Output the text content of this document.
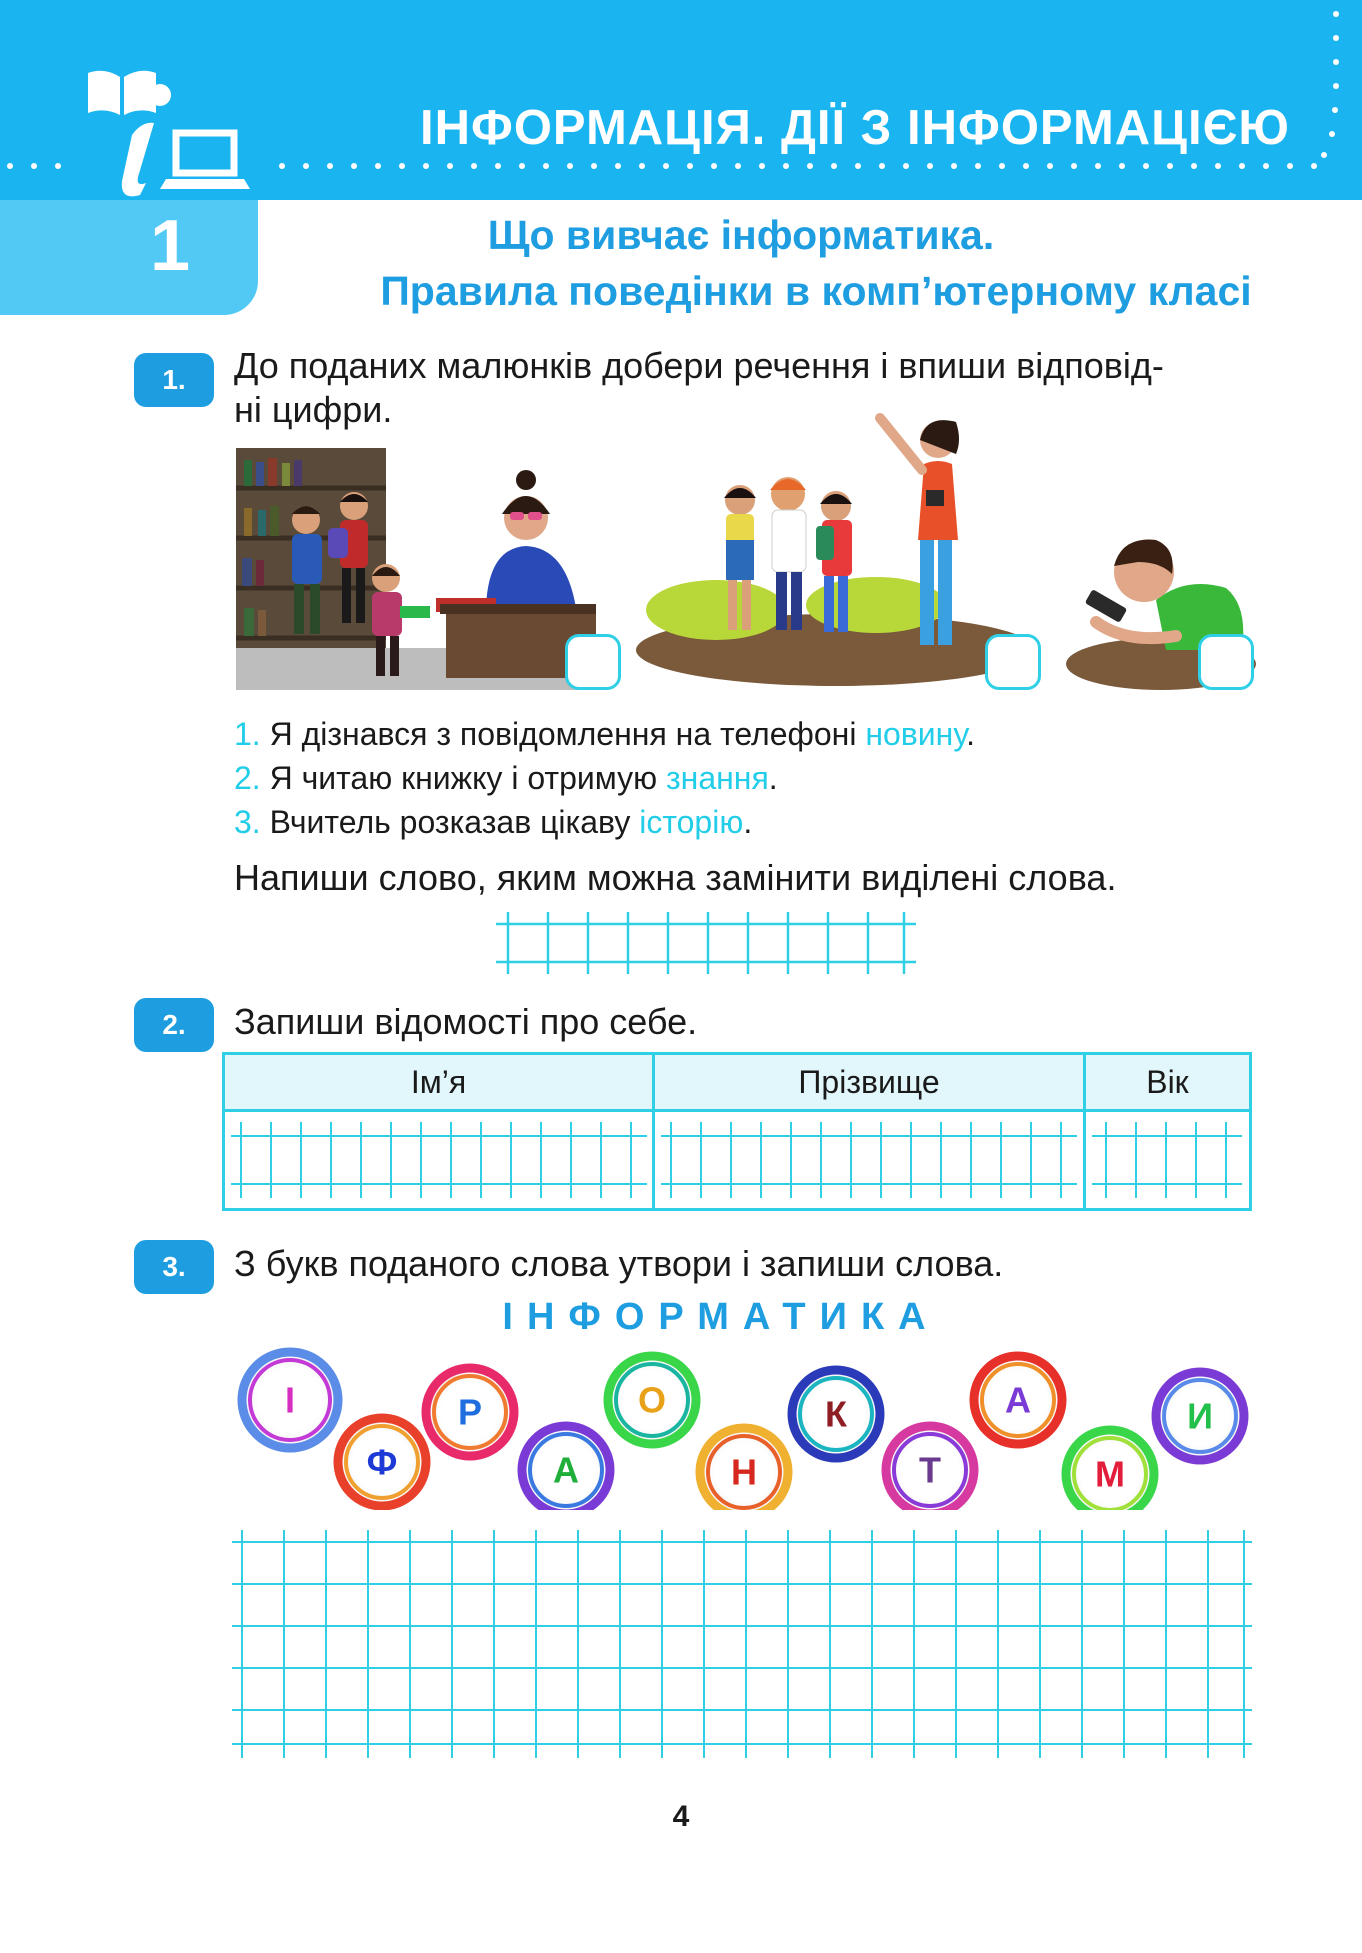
ІНФОРМАЦІЯ. ДІЇ З ІНФОРМАЦІЄЮ
1	Що вивчає інформатика.
Правила поведінки в комп’ютерному класі
1.	До поданих малюнків добери речення і впиши відповід-
ні цифри.
1. Я дізнався з повідомлення на телефоні новину.
2. Я читаю книжку і отримую знання.
3. Вчитель розказав цікаву історію.
Напиши слово, яким можна замінити виділені слова.
2.	Запиши відомості про себе.
Ім’я	Прізвище	Вік

3.	З букв поданого слова утвори і запиши слова.
ІНФОРМАТИКА
І
Ф
Р
А
О
Н
К
Т
А
М
И
4
